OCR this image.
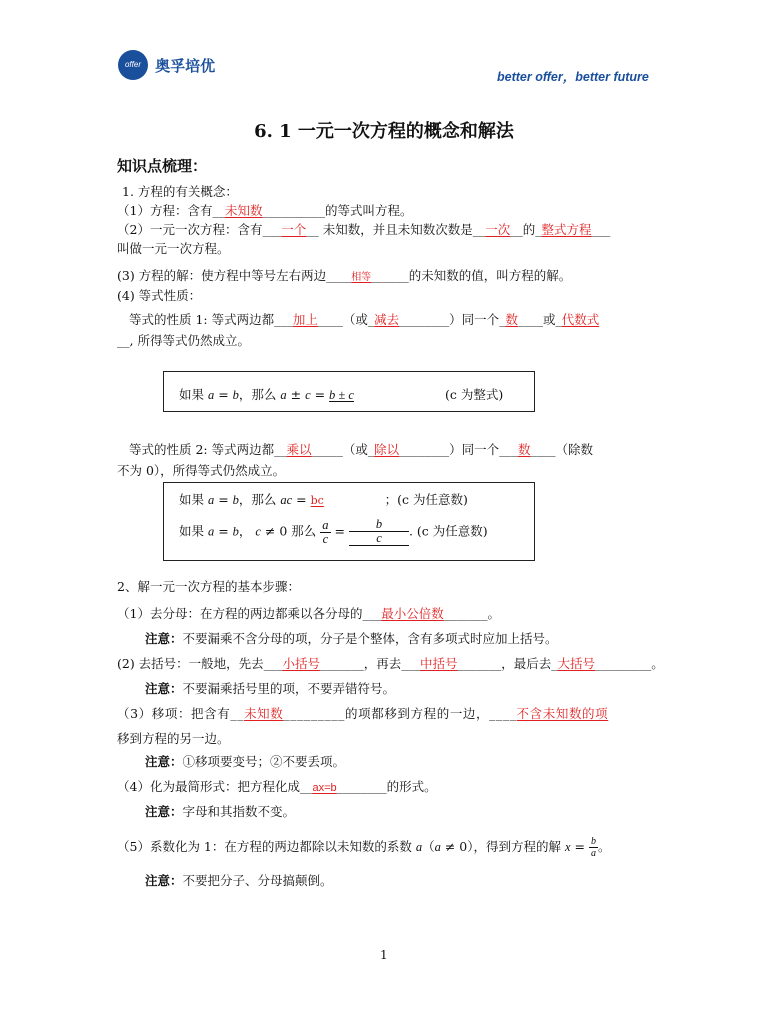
offer 奥孚培优
better offer，better future
6. 1 一元一次方程的概念和解法
知识点梳理：
1. 方程的有关概念：
（1）方程：含有__未知数__________的等式叫方程。
（2）一元一次方程：含有___一个__ 未知数，并且未知数次数是__一次__的_整式方程___
叫做一元一次方程。
(3) 方程的解：使方程中等号左右两边____相等______的未知数的值，叫方程的解。
(4) 等式性质：
等式的性质 1: 等式两边都___加上____（或_减去________）同一个_数____或_代数式
__, 所得等式仍然成立。
如果 a = b，那么 a ± c = b ± c	(c 为整式)
等式的性质 2: 等式两边都__乘以_____（或_除以________）同一个___数____（除数
不为 0），所得等式仍然成立。
如果 a = b，那么 ac = bc	；(c 为任意数)
如果 a = b， c ≠ 0 那么 $\frac{a}{c} = \frac{b}{c}$ . (c 为任意数)
2、解一元一次方程的基本步骤：
（1）去分母：在方程的两边都乘以各分母的___最小公倍数_______。
注意：不要漏乘不含分母的项，分子是个整体，含有多项式时应加上括号。
(2) 去括号：一般地，先去___小括号_______，再去___中括号_______，最后去_大括号_________。
注意：不要漏乘括号里的项，不要弄错符号。
（3）移项：把含有__未知数_________的项都移到方程的一边，____不含未知数的项
移到方程的另一边。
注意：①移项要变号；②不要丢项。
（4）化为最简形式：把方程化成__ax=b________的形式。
注意：字母和其指数不变。
（5）系数化为 1：在方程的两边都除以未知数的系数 a（a ≠ 0），得到方程的解 $x = \frac{b}{a}$ 。
注意：不要把分子、分母搞颠倒。
1
